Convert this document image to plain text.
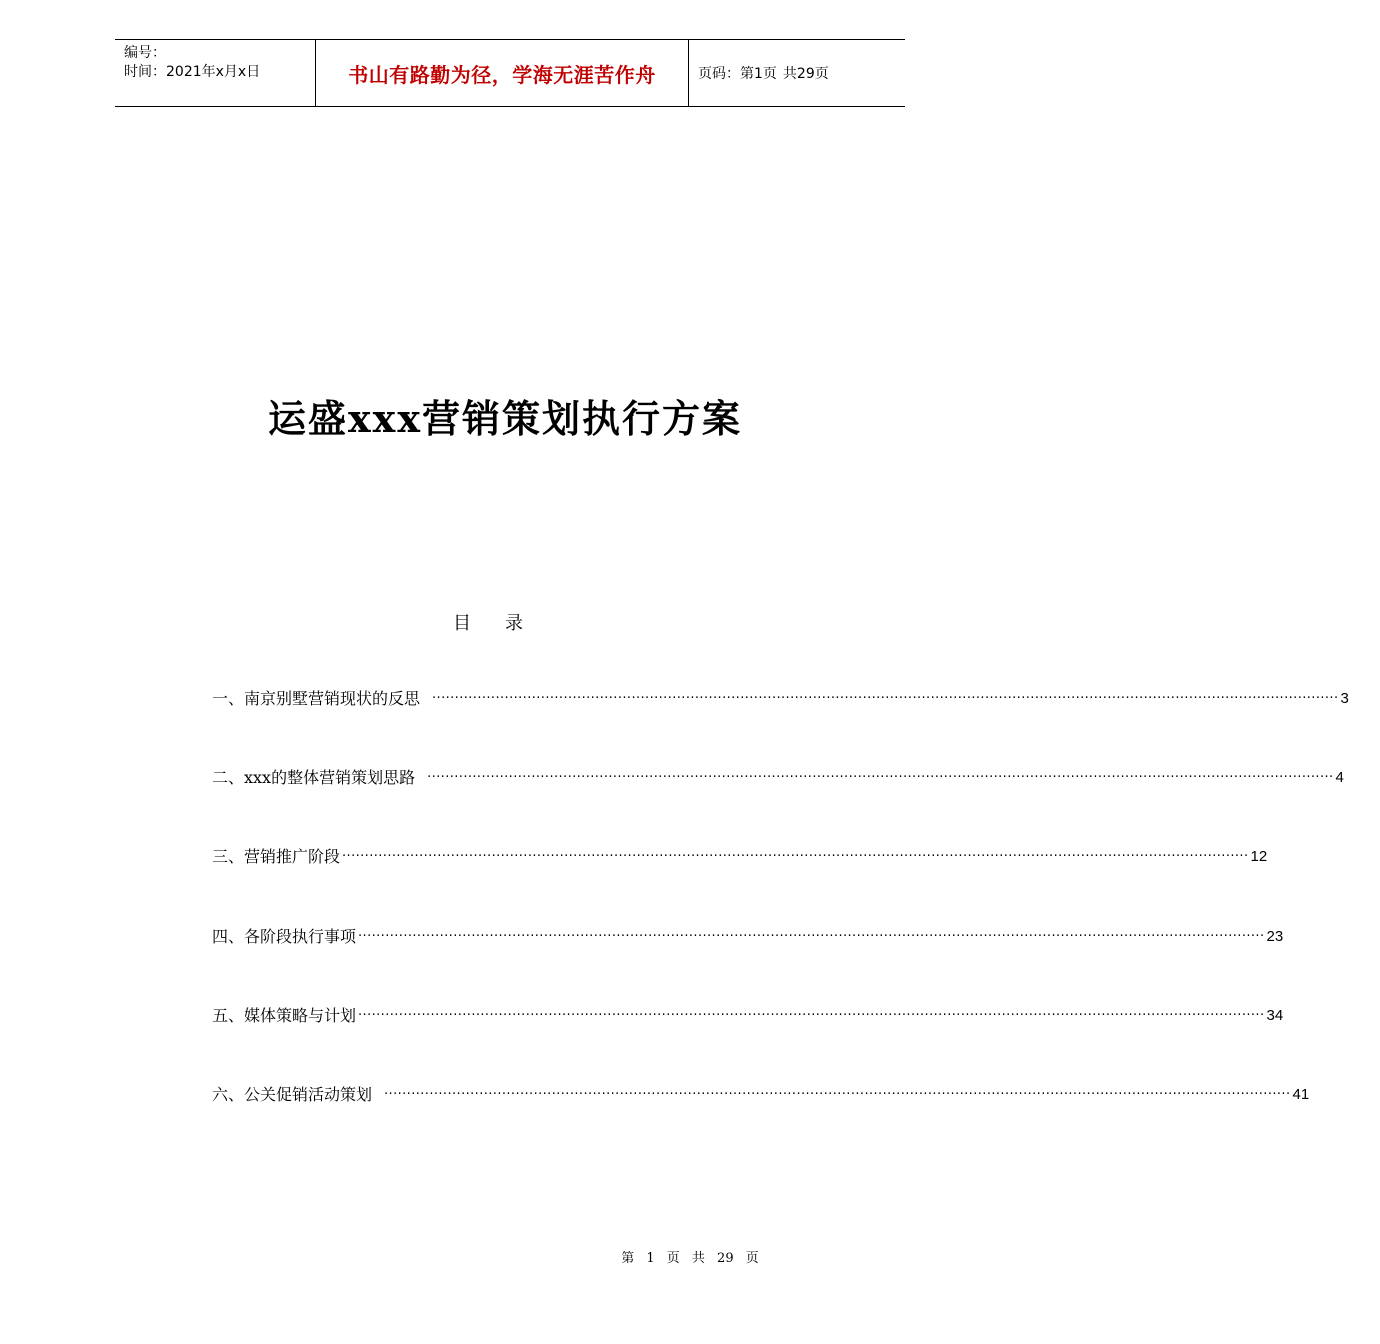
编号：
时间：2021年x月x日	书山有路勤为径，学海无涯苦作舟	页码：第1页 共29页
运盛xxx营销策划执行方案
目录
一、南京别墅营销现状的反思 ········································································································································································································ 3
二、xxx的整体营销策划思路 ········································································································································································································ 4
三、营销推广阶段 ········································································································································································································ 12
四、各阶段执行事项 ········································································································································································································ 23
五、媒体策略与计划 ········································································································································································································ 34
六、公关促销活动策划 ········································································································································································································ 41
第 1 页 共 29 页
